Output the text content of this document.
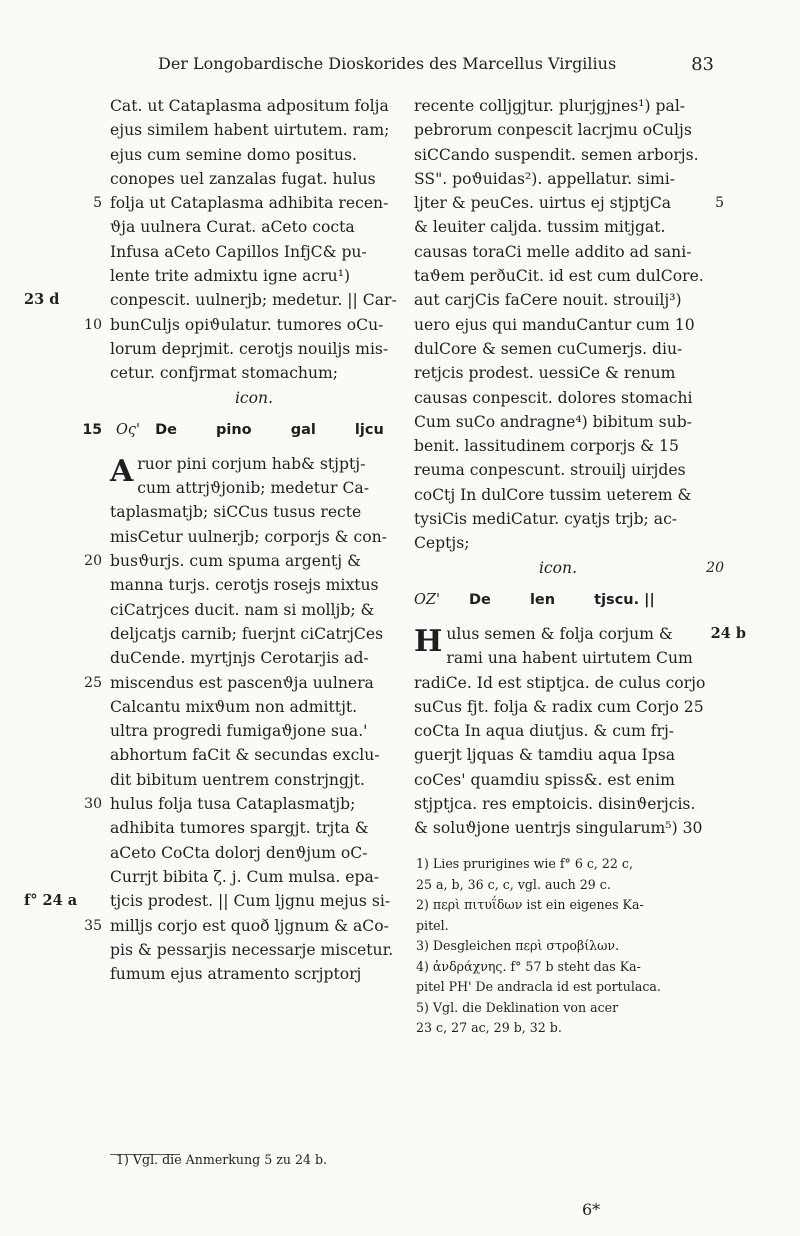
Der Longobardische Dioskorides des Marcellus Virgilius	83
Cat. ut Cataplasma adpositum folja
ejus similem habent uirtutem. ram;
ejus cum semine domo positus.
conopes uel zanzalas fugat. hulus
folja ut Cataplasma adhibita recen-
5
ϑja uulnera Curat. aCeto cocta
Infusa aCeto Capillos InfjC& pu-
lente trite admixtu igne acru¹)
conpescit. uulnerjb; medetur. || Car-
23 d
bunCuljs opiϑulatur. tumores oCu-
10
lorum deprjmit. cerotjs nouiljs mis-
cetur. confjrmat stomachum;
icon.
15 Oς' De	pino	gal	ljcu
Aruor pini corjum hab& stjptj-
cum attrjϑjonib; medetur Ca-
taplasmatjb; siCCus tusus recte
misCetur uulnerjb; corporjs & con-
busϑurjs. cum spuma argentj &
20
manna turjs. cerotjs rosejs mixtus
ciCatrjces ducit. nam si molljb; &
deljcatjs carnib; fuerjnt ciCatrjCes
duCende. myrtjnjs Cerotarjis ad-
miscendus est pascenϑja uulnera
25
Calcantu mixϑum non admittjt.
ultra progredi fumigaϑjone sua.'
abhortum faCit & secundas exclu-
dit bibitum uentrem constrjngjt.
hulus folja tusa Cataplasmatjb;
30
adhibita tumores spargjt. trjta &
aCeto CoCta dolorj denϑjum oC-
Currjt bibita ζ. j. Cum mulsa. epa-
tjcis prodest. || Cum ljgnu mejus si-
f° 24 a
milljs corjo est quoð ljgnum & aCo-
35
pis & pessarjis necessarje miscetur.
fumum ejus atramento scrjptorj
1) Vgl. die Anmerkung 5 zu 24 b.
recente colljgjtur. plurjgjnes¹) pal-
pebrorum conpescit lacrjmu oCuljs
siCCando suspendit. semen arborjs.
SS". poϑuidas²). appellatur. simi-
ljter & peuCes. uirtus ej stjptjCa	5
& leuiter caljda. tussim mitjgat.
causas toraCi melle addito ad sani-
taϑem perðuCit. id est cum dulCore.
aut carjCis faCere nouit. strouilj³)
uero ejus qui manduCantur cum 10
dulCore & semen cuCumerjs. diu-
retjcis prodest. uessiCe & renum
causas conpescit. dolores stomachi
Cum suCo andragne⁴) bibitum sub-
benit. lassitudinem corporjs & 15
reuma conpescunt. strouilj uirjdes
coCtj In dulCore tussim ueterem &
tysiCis mediCatur. cyatjs trjb; ac-
Ceptjs;
icon.	20
OZ' De	len	tjscu. ||
Hulus semen & folja corjum &	24 b
rami una habent uirtutem Cum
radiCe. Id est stiptjca. de culus corjo
suCus fjt. folja & radix cum Corjo 25
coCta In aqua diutjus. & cum frj-
guerjt ljquas & tamdiu aqua Ipsa
coCes' quamdiu spiss&. est enim
stjptjca. res emptoicis. disinϑerjcis.
& soluϑjone uentrjs singularum⁵) 30
1) Lies prurigines wie f° 6 c, 22 c,
25 a, b, 36 c, c, vgl. auch 29 c.
2) περὶ πιτυΐδων ist ein eigenes Ka-
pitel.
3) Desgleichen περὶ στροβίλων.
4) ἀνδράχνης. f° 57 b steht das Ka-
pitel PH' De andracla id est portulaca.
5) Vgl. die Deklination von acer
23 c, 27 ac, 29 b, 32 b.
6*
